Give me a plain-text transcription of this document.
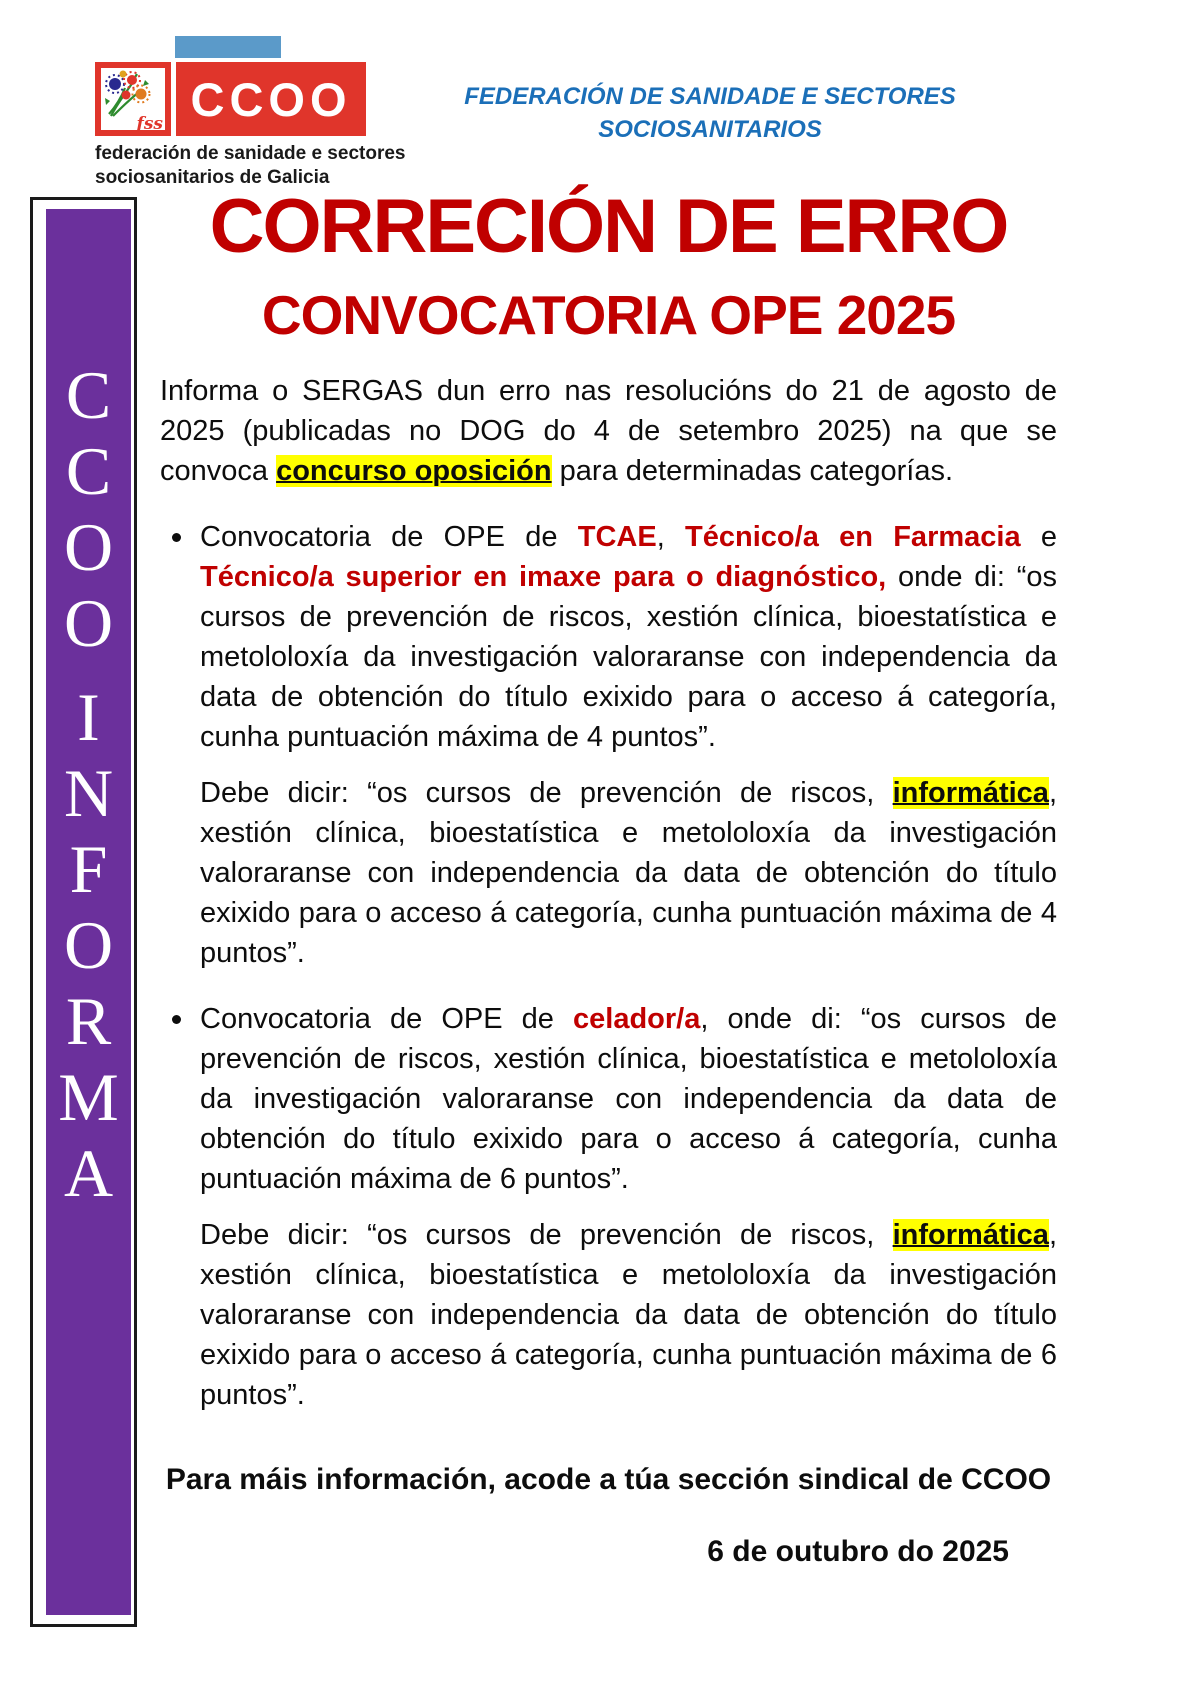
fss CCOO
federación de sanidade e sectores
sociosanitarios de Galicia
FEDERACIÓN DE SANIDADE E SECTORES
SOCIOSANITARIOS
C
C
O
O
I
N
F
O
R
M
A
CORRECIÓN DE ERRO
CONVOCATORIA OPE 2025

Informa o SERGAS dun erro nas resolucións do 21 de agosto de 2025 (publicadas no DOG do 4 de setembro 2025) na que se convoca concurso oposición para determinadas categorías.

Convocatoria de OPE de TCAE, Técnico/a en Farmacia e Técnico/a superior en imaxe para o diagnóstico, onde di: “os cursos de prevención de riscos, xestión clínica, bioestatística e metololoxía da investigación valoraranse con independencia da data de obtención do título exixido para o acceso á categoría, cunha puntuación máxima de 4 puntos”.

Debe dicir: “os cursos de prevención de riscos, informática, xestión clínica, bioestatística e metololoxía da investigación valoraranse con independencia da data de obtención do título exixido para o acceso á categoría, cunha puntuación máxima de 4 puntos”.

Convocatoria de OPE de celador/a, onde di: “os cursos de prevención de riscos, xestión clínica, bioestatística e metololoxía da investigación valoraranse con independencia da data de obtención do título exixido para o acceso á categoría, cunha puntuación máxima de 6 puntos”.

Debe dicir: “os cursos de prevención de riscos, informática, xestión clínica, bioestatística e metololoxía da investigación valoraranse con independencia da data de obtención do título exixido para o acceso á categoría, cunha puntuación máxima de 6 puntos”.

Para máis información, acode a túa sección sindical de CCOO

6 de outubro do 2025
